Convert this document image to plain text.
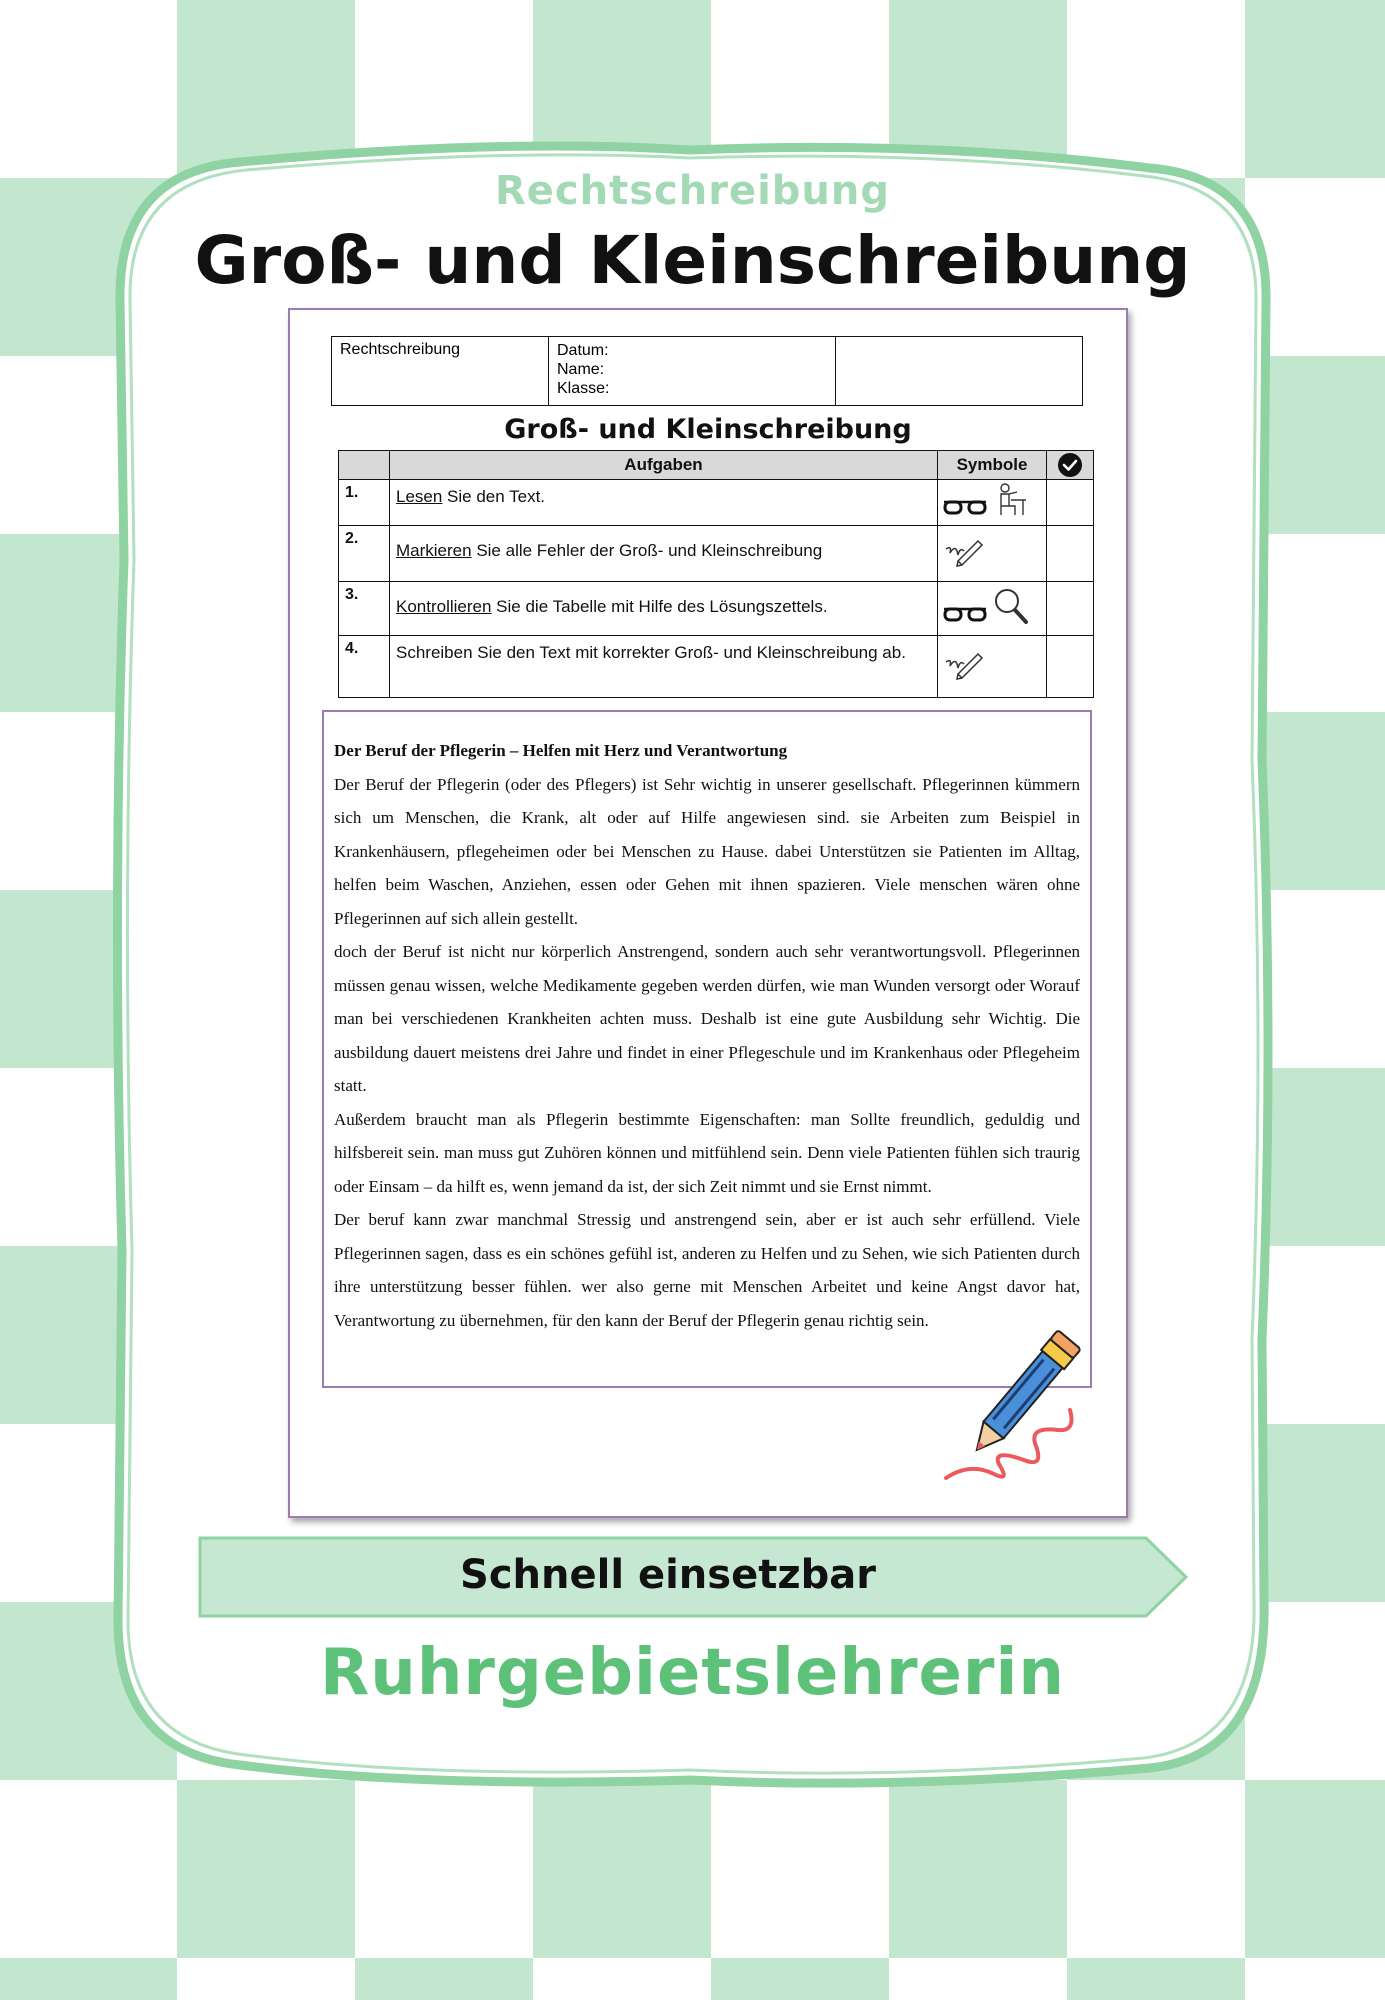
Rechtschreibung
Groß- und Kleinschreibung
Rechtschreibung	Datum:
Name:
Klasse:

Groß- und Kleinschreibung
	Aufgaben	Symbole	
1.	Lesen Sie den Text.		
2.	Markieren Sie alle Fehler der Groß- und Kleinschreibung		
3.	Kontrollieren Sie die Tabelle mit Hilfe des Lösungszettels.		
4.	Schreiben Sie den Text mit korrekter Groß- und Kleinschreibung ab.		

Der Beruf der Pflegerin – Helfen mit Herz und Verantwortung

Der Beruf der Pflegerin (oder des Pflegers) ist Sehr wichtig in unserer gesellschaft. Pflegerinnen kümmern sich um Menschen, die Krank, alt oder auf Hilfe angewiesen sind. sie Arbeiten zum Beispiel in Krankenhäusern, pflegeheimen oder bei Menschen zu Hause. dabei Unterstützen sie Patienten im Alltag, helfen beim Waschen, Anziehen, essen oder Gehen mit ihnen spazieren. Viele menschen wären ohne Pflegerinnen auf sich allein gestellt.

doch der Beruf ist nicht nur körperlich Anstrengend, sondern auch sehr verantwortungsvoll. Pflegerinnen müssen genau wissen, welche Medikamente gegeben werden dürfen, wie man Wunden versorgt oder Worauf man bei verschiedenen Krankheiten achten muss. Deshalb ist eine gute Ausbildung sehr Wichtig. Die ausbildung dauert meistens drei Jahre und findet in einer Pflegeschule und im Krankenhaus oder Pflegeheim statt.

Außerdem braucht man als Pflegerin bestimmte Eigenschaften: man Sollte freundlich, geduldig und hilfsbereit sein. man muss gut Zuhören können und mitfühlend sein. Denn viele Patienten fühlen sich traurig oder Einsam – da hilft es, wenn jemand da ist, der sich Zeit nimmt und sie Ernst nimmt.

Der beruf kann zwar manchmal Stressig und anstrengend sein, aber er ist auch sehr erfüllend. Viele Pflegerinnen sagen, dass es ein schönes gefühl ist, anderen zu Helfen und zu Sehen, wie sich Patienten durch ihre unterstützung besser fühlen. wer also gerne mit Menschen Arbeitet und keine Angst davor hat, Verantwortung zu übernehmen, für den kann der Beruf der Pflegerin genau richtig sein.

Schnell einsetzbar
Ruhrgebietslehrerin
